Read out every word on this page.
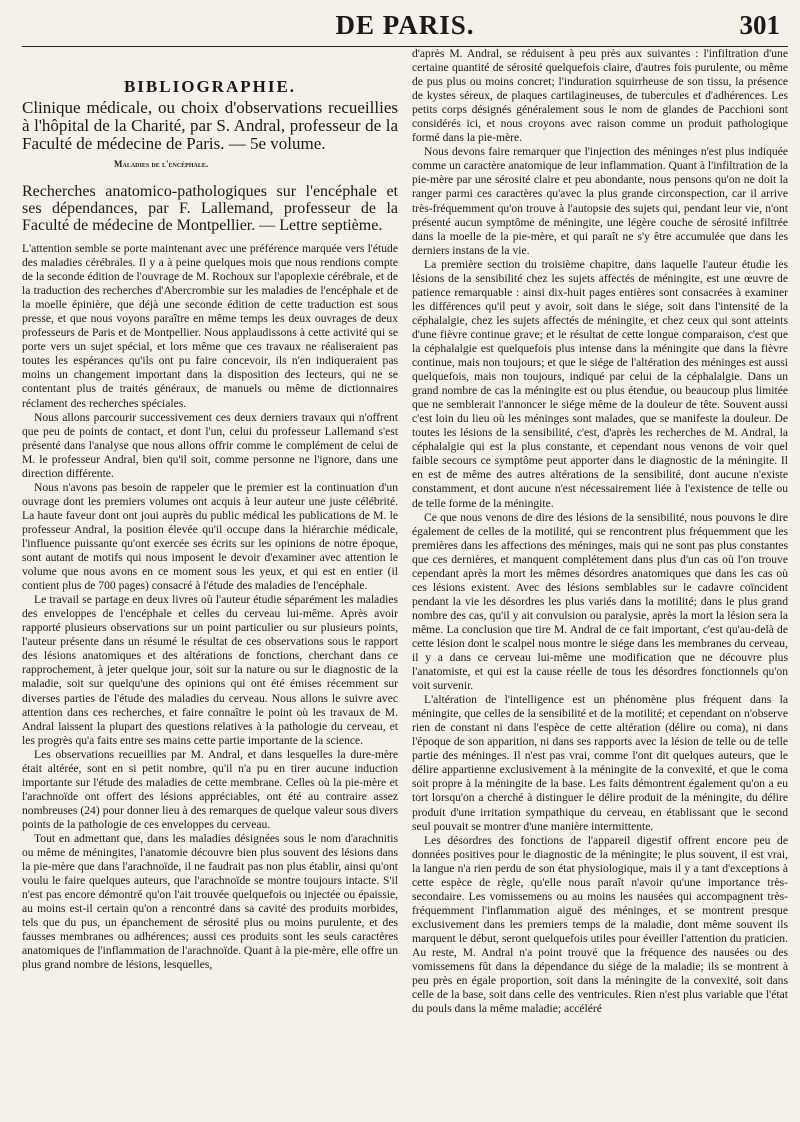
DE PARIS.	301
BIBLIOGRAPHIE.
Clinique médicale, ou choix d'observations recueillies à l'hôpital de la Charité, par S. Andral, professeur de la Faculté de médecine de Paris. — 5e volume.
Maladies de l'encéphale.
Recherches anatomico-pathologiques sur l'encéphale et ses dépendances, par F. Lallemand, professeur de la Faculté de médecine de Montpellier. — Lettre septième.

L'attention semble se porte maintenant avec une préférence marquée vers l'étude des maladies cérébrales. Il y a à peine quelques mois que nous rendions compte de la seconde édition de l'ouvrage de M. Rochoux sur l'apoplexie cérébrale, et de la traduction des recherches d'Abercrombie sur les maladies de l'encéphale et de la moelle épinière, que déjà une seconde édition de cette traduction est sous presse, et que nous voyons paraître en même temps les deux ouvrages de deux professeurs de Paris et de Montpellier. Nous applaudissons à cette activité qui se porte vers un sujet spécial, et lors même que ces travaux ne réaliseraient pas toutes les espérances qu'ils ont pu faire concevoir, ils n'en indiqueraient pas moins un changement important dans la disposition des lecteurs, qui ne se contentant plus de traités généraux, de manuels ou même de dictionnaires réclament des recherches spéciales.

Nous allons parcourir successivement ces deux derniers travaux qui n'offrent que peu de points de contact, et dont l'un, celui du professeur Lallemand s'est présenté dans l'analyse que nous allons offrir comme le complément de celui de M. le professeur Andral, bien qu'il soit, comme personne ne l'ignore, dans une direction différente.

Nous n'avons pas besoin de rappeler que le premier est la continuation d'un ouvrage dont les premiers volumes ont acquis à leur auteur une juste célébrité. La haute faveur dont ont joui auprès du public médical les publications de M. le professeur Andral, la position élevée qu'il occupe dans la hiérarchie médicale, l'influence puissante qu'ont exercée ses écrits sur les opinions de notre époque, sont autant de motifs qui nous imposent le devoir d'examiner avec attention le volume que nous avons en ce moment sous les yeux, et qui est en entier (il contient plus de 700 pages) consacré à l'étude des maladies de l'encéphale.

Le travail se partage en deux livres où l'auteur étudie séparément les maladies des enveloppes de l'encéphale et celles du cerveau lui-même. Après avoir rapporté plusieurs observations sur un point particulier ou sur plusieurs points, l'auteur présente dans un résumé le résultat de ces observations sous le rapport des lésions anatomiques et des altérations de fonctions, cherchant dans ce rapprochement, à jeter quelque jour, soit sur la nature ou sur le diagnostic de la maladie, soit sur quelqu'une des opinions qui ont été émises récemment sur diverses parties de l'étude des maladies du cerveau. Nous allons le suivre avec attention dans ces recherches, et faire connaître le point où les travaux de M. Andral laissent la plupart des questions relatives à la pathologie du cerveau, et les progrès qu'a faits entre ses mains cette partie importante de la science.

Les observations recueillies par M. Andral, et dans lesquelles la dure-mère était altérée, sont en si petit nombre, qu'il n'a pu en tirer aucune induction importante sur l'étude des maladies de cette membrane. Celles où la pie-mère et l'arachnoïde ont offert des lésions appréciables, ont été au contraire assez nombreuses (24) pour donner lieu à des remarques de quelque valeur sous divers points de la pathologie de ces enveloppes du cerveau.

Tout en admettant que, dans les maladies désignées sous le nom d'arachnitis ou même de méningites, l'anatomie découvre bien plus souvent des lésions dans la pie-mère que dans l'arachnoïde, il ne faudrait pas non plus établir, ainsi qu'ont voulu le faire quelques auteurs, que l'arachnoïde se montre toujours intacte. S'il n'est pas encore démontré qu'on l'ait trouvée quelquefois ou injectée ou épaissie, au moins est-il certain qu'on a rencontré dans sa cavité des produits morbides, tels que du pus, un épanchement de sérosité plus ou moins purulente, et des fausses membranes ou adhérences; aussi ces produits sont les seuls caractères anatomiques de l'inflammation de l'arachnoïde. Quant à la pie-mère, elle offre un plus grand nombre de lésions, lesquelles,

d'après M. Andral, se réduisent à peu près aux suivantes : l'infiltration d'une certaine quantité de sérosité quelquefois claire, d'autres fois purulente, ou même de pus plus ou moins concret; l'induration squirrheuse de son tissu, la présence de kystes séreux, de plaques cartilagineuses, de tubercules et d'adhérences. Les petits corps désignés généralement sous le nom de glandes de Pacchioni sont considérés ici, et nous croyons avec raison comme un produit pathologique formé dans la pie-mère.

Nous devons faire remarquer que l'injection des méninges n'est plus indiquée comme un caractère anatomique de leur inflammation. Quant à l'infiltration de la pie-mère par une sérosité claire et peu abondante, nous pensons qu'on ne doit la ranger parmi ces caractères qu'avec la plus grande circonspection, car il arrive très-fréquemment qu'on trouve à l'autopsie des sujets qui, pendant leur vie, n'ont présenté aucun symptôme de méningite, une légère couche de sérosité infiltrée dans la moelle de la pie-mère, et qui paraît ne s'y être accumulée que dans les derniers instans de la vie.

La première section du troisième chapitre, dans laquelle l'auteur étudie les lésions de la sensibilité chez les sujets affectés de méningite, est une œuvre de patience remarquable : ainsi dix-huit pages entières sont consacrées à examiner les différences qu'il peut y avoir, soit dans le siége, soit dans l'intensité de la céphalalgie, chez les sujets affectés de méningite, et chez ceux qui sont atteints d'une fièvre continue grave; et le résultat de cette longue comparaison, c'est que la céphalalgie est quelquefois plus intense dans la méningite que dans la fièvre continue, mais non toujours; et que le siége de l'altération des méninges est aussi quelquefois, mais non toujours, indiqué par celui de la céphalalgie. Dans un grand nombre de cas la méningite est ou plus étendue, ou beaucoup plus limitée que ne semblerait l'annoncer le siége même de la douleur de tête. Souvent aussi c'est loin du lieu où les méninges sont malades, que se manifeste la douleur. De toutes les lésions de la sensibilité, c'est, d'après les recherches de M. Andral, la céphalalgie qui est la plus constante, et cependant nous venons de voir quel faible secours ce symptôme peut apporter dans le diagnostic de la méningite. Il en est de même des autres altérations de la sensibilité, dont aucune n'existe constamment, et dont aucune n'est nécessairement liée à l'existence de telle ou de telle forme de la méningite.

Ce que nous venons de dire des lésions de la sensibilité, nous pouvons le dire également de celles de la motilité, qui se rencontrent plus fréquemment que les premières dans les affections des méninges, mais qui ne sont pas plus constantes que ces dernières, et manquent complétement dans plus d'un cas où l'on trouve cependant après la mort les mêmes désordres anatomiques que dans les cas où ces lésions existent. Avec des lésions semblables sur le cadavre coïncident pendant la vie les désordres les plus variés dans la motilité; dans le plus grand nombre des cas, qu'il y ait convulsion ou paralysie, après la mort la lésion sera la même. La conclusion que tire M. Andral de ce fait important, c'est qu'au-delà de cette lésion dont le scalpel nous montre le siége dans les membranes du cerveau, il y a dans ce cerveau lui-même une modification que ne découvre plus l'anatomiste, et qui est la cause réelle de tous les désordres fonctionnels qu'on voit survenir.

L'altération de l'intelligence est un phénomène plus fréquent dans la méningite, que celles de la sensibilité et de la motilité; et cependant on n'observe rien de constant ni dans l'espèce de cette altération (délire ou coma), ni dans l'époque de son apparition, ni dans ses rapports avec la lésion de telle ou de telle partie des méninges. Il n'est pas vrai, comme l'ont dit quelques auteurs, que le délire appartienne exclusivement à la méningite de la convexité, et que le coma soit propre à la méningite de la base. Les faits démontrent également qu'on a eu tort lorsqu'on a cherché à distinguer le délire produit de la méningite, du délire produit d'une irritation sympathique du cerveau, en établissant que le second seul pouvait se montrer d'une manière intermittente.

Les désordres des fonctions de l'appareil digestif offrent encore peu de données positives pour le diagnostic de la méningite; le plus souvent, il est vrai, la langue n'a rien perdu de son état physiologique, mais il y a tant d'exceptions à cette espèce de règle, qu'elle nous paraît n'avoir qu'une importance très-secondaire. Les vomissemens ou au moins les nausées qui accompagnent très-fréquemment l'inflammation aiguë des méninges, et se montrent presque exclusivement dans les premiers temps de la maladie, dont même souvent ils marquent le début, seront quelquefois utiles pour éveiller l'attention du praticien. Au reste, M. Andral n'a point trouvé que la fréquence des nausées ou des vomissemens fût dans la dépendance du siége de la maladie; ils se montrent à peu près en égale proportion, soit dans la méningite de la convexité, soit dans celle de la base, soit dans celle des ventricules. Rien n'est plus variable que l'état du pouls dans la même maladie; accéléré
